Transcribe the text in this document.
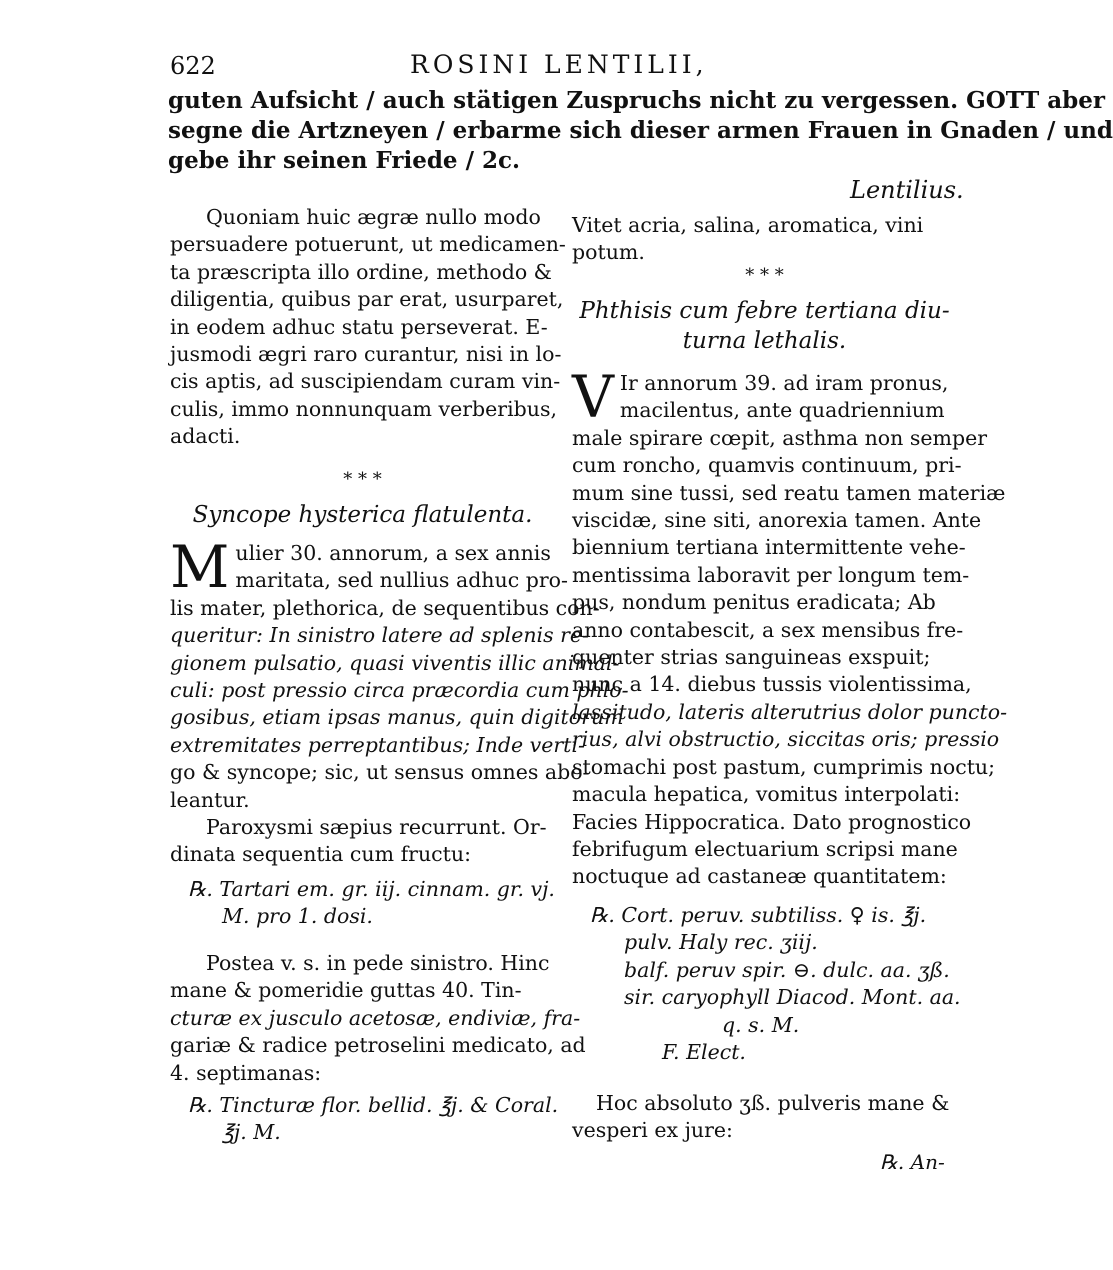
622	ROSINI LENTILII,
guten Aufsicht / auch stätigen Zuspruchs nicht zu vergessen. GOTT aber
segne die Artzneyen / erbarme sich dieser armen Frauen in Gnaden / und
gebe ihr seinen Friede / 2c.
Lentilius.
Quoniam huic ægræ nullo modo
persuadere potuerunt, ut medicamen-
ta præscripta illo ordine, methodo &
diligentia, quibus par erat, usurparet,
in eodem adhuc statu perseverat. E-
jusmodi ægri raro curantur, nisi in lo-
cis aptis, ad suscipiendam curam vin-
culis, immo nonnunquam verberibus,
adacti.
* * *
Syncope hysterica flatulenta.
M ulier 30. annorum, a sex annis
maritata, sed nullius adhuc pro-
lis mater, plethorica, de sequentibus con-
queritur: In sinistro latere ad splenis re-
gionem pulsatio, quasi viventis illic animal-
culi: post pressio circa præcordia cum phlo-
gosibus, etiam ipsas manus, quin digitorum
extremitates perreptantibus; Inde verti-
go & syncope; sic, ut sensus omnes abo-
leantur.
Paroxysmi sæpius recurrunt. Or-
dinata sequentia cum fructu:
℞. Tartari em. gr. iij. cinnam. gr. vj.
M. pro 1. dosi.
Postea v. s. in pede sinistro. Hinc
mane & pomeridie guttas 40. Tin-
cturæ ex jusculo acetosæ, endiviæ, fra-
gariæ & radice petroselini medicato, ad
4. septimanas:
℞. Tincturæ flor. bellid. ℥j. & Coral.
℥j. M.
Vitet acria, salina, aromatica, vini
potum.
* * *
Phthisis cum febre tertiana diu-
turna lethalis.
V Ir annorum 39. ad iram pronus,
macilentus, ante quadriennium
male spirare cœpit, asthma non semper
cum roncho, quamvis continuum, pri-
mum sine tussi, sed reatu tamen materiæ
viscidæ, sine siti, anorexia tamen. Ante
biennium tertiana intermittente vehe-
mentissima laboravit per longum tem-
pus, nondum penitus eradicata; Ab
anno contabescit, a sex mensibus fre-
quenter strias sanguineas exspuit;
nunc a 14. diebus tussis violentissima,
lassitudo, lateris alterutrius dolor puncto-
rius, alvi obstructio, siccitas oris; pressio
stomachi post pastum, cumprimis noctu;
macula hepatica, vomitus interpolati:
Facies Hippocratica. Dato prognostico
febrifugum electuarium scripsi mane
noctuque ad castaneæ quantitatem:
℞. Cort. peruv. subtiliss. ♀ is. ℥j.
pulv. Haly rec. ʒiij.
balf. peruv spir. ⊖. dulc. aa. ʒß.
sir. caryophyll Diacod. Mont. aa.
q. s. M.
F. Elect.
Hoc absoluto ʒß. pulveris mane &
vesperi ex jure:
℞. An-
